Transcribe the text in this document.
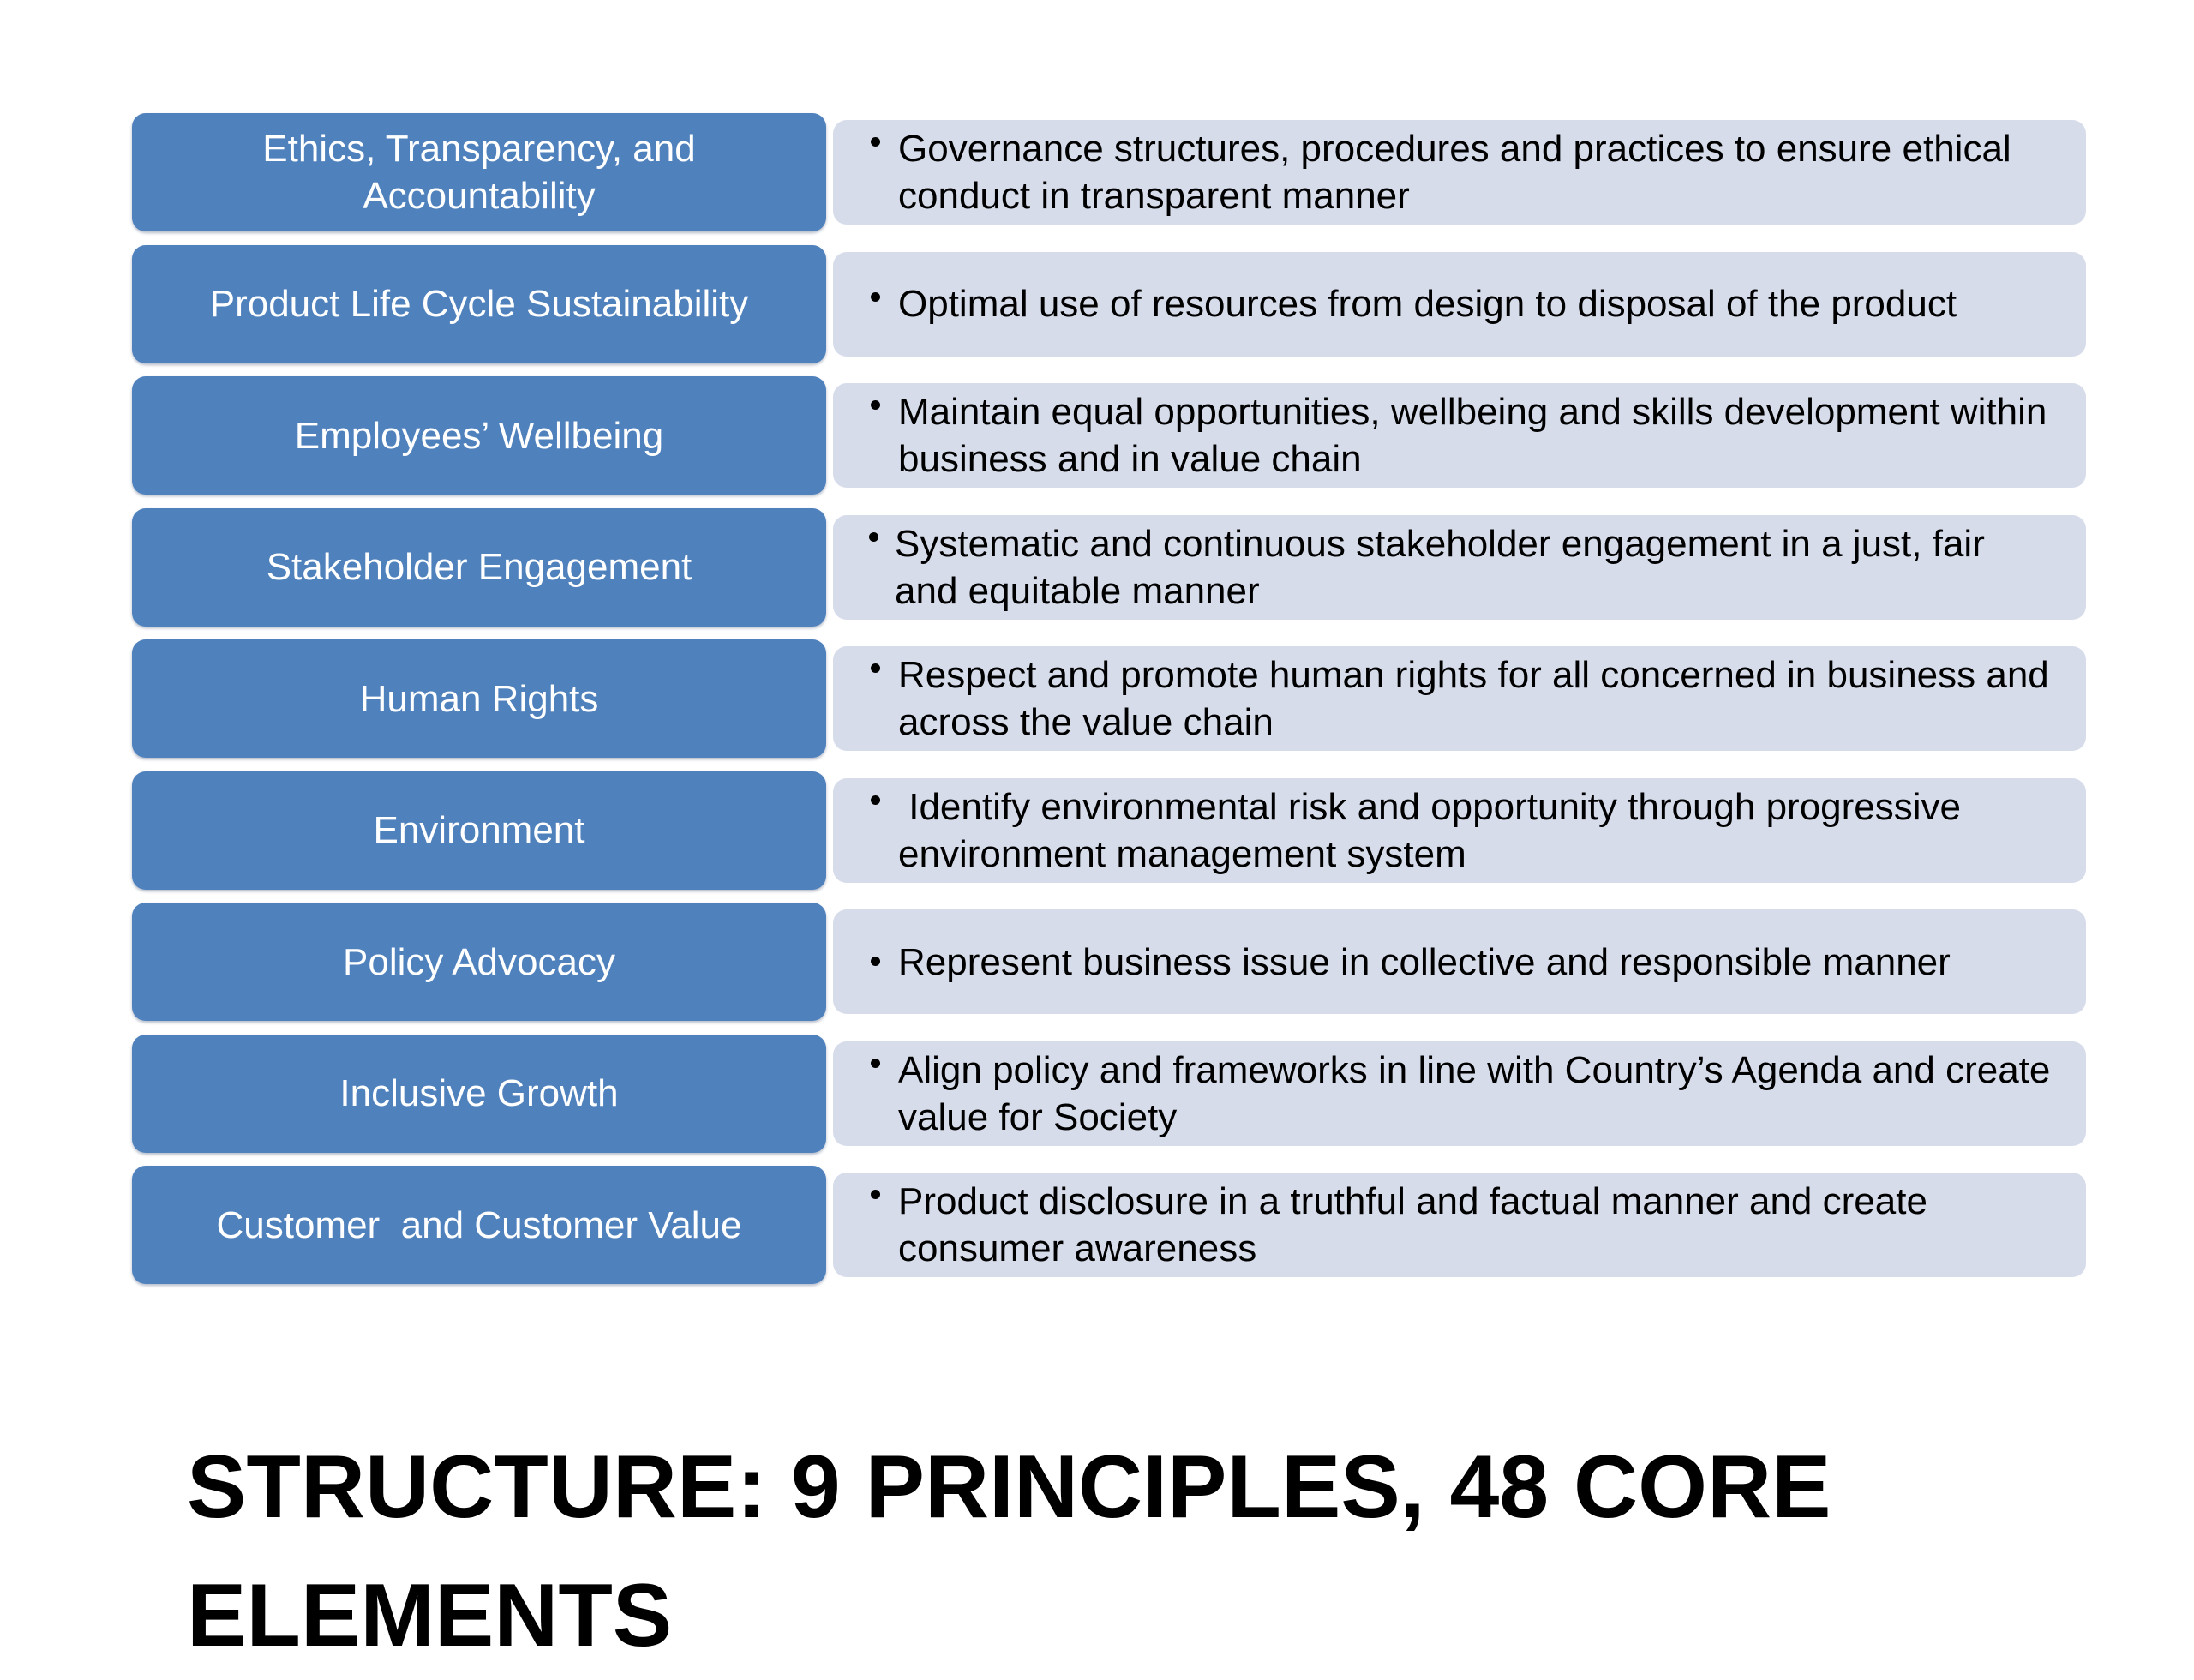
Ethics, Transparency, and Accountability
Governance structures, procedures and practices to ensure ethical conduct in transparent manner
Product Life Cycle Sustainability	Optimal use of resources from design to disposal of the product
Employees’ Wellbeing
Maintain equal opportunities, wellbeing and skills development within business and in value chain
Stakeholder Engagement
Systematic and continuous stakeholder engagement in a just, fair and equitable manner
Human Rights
Respect and promote human rights for all concerned in business and across the value chain
Environment
Identify environmental risk and opportunity through progressive environment management system
Policy Advocacy	Represent business issue in collective and responsible manner
Inclusive Growth
Align policy and frameworks in line with Country’s Agenda and create value for Society
Customer  and Customer Value
Product disclosure in a truthful and factual manner and create consumer awareness
STRUCTURE: 9 PRINCIPLES, 48 CORE ELEMENTS
